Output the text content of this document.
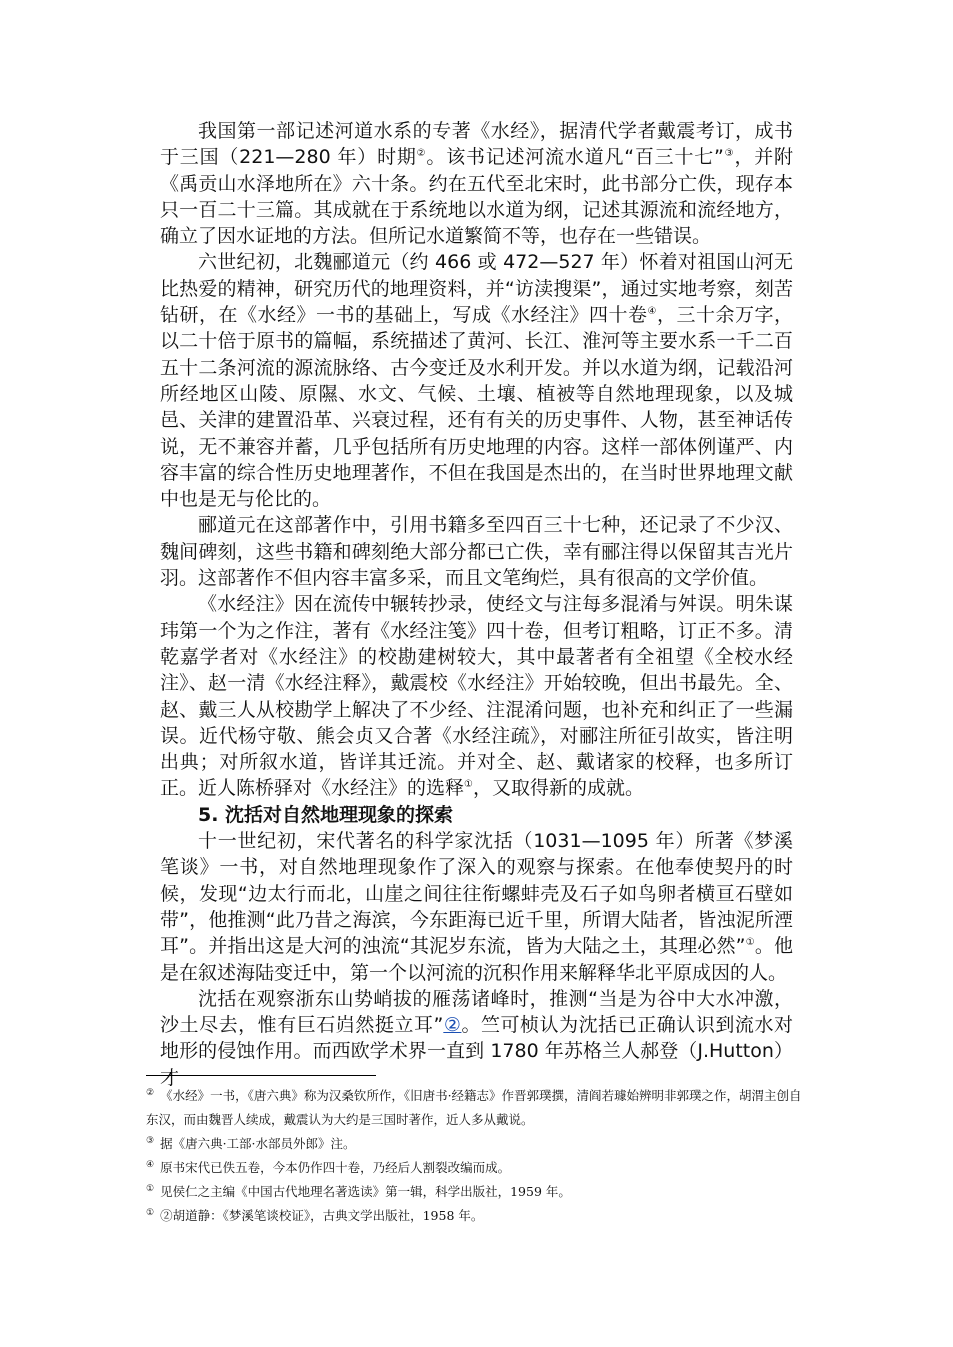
我国第一部记述河道水系的专著《水经》，据清代学者戴震考订，成书于三国（221—280 年）时期②。该书记述河流水道凡“百三十七”③，并附《禹贡山水泽地所在》六十条。约在五代至北宋时，此书部分亡佚，现存本只一百二十三篇。其成就在于系统地以水道为纲，记述其源流和流经地方，确立了因水证地的方法。但所记水道繁简不等，也存在一些错误。

六世纪初，北魏郦道元（约 466 或 472—527 年）怀着对祖国山河无比热爱的精神，研究历代的地理资料，并“访渎搜渠”，通过实地考察，刻苦钻研，在《水经》一书的基础上，写成《水经注》四十卷④，三十余万字，以二十倍于原书的篇幅，系统描述了黄河、长江、淮河等主要水系一千二百五十二条河流的源流脉络、古今变迁及水利开发。并以水道为纲，记载沿河所经地区山陵、原隰、水文、气候、土壤、植被等自然地理现象，以及城邑、关津的建置沿革、兴衰过程，还有有关的历史事件、人物，甚至神话传说，无不兼容并蓄，几乎包括所有历史地理的内容。这样一部体例谨严、内容丰富的综合性历史地理著作，不但在我国是杰出的，在当时世界地理文献中也是无与伦比的。

郦道元在这部著作中，引用书籍多至四百三十七种，还记录了不少汉、魏间碑刻，这些书籍和碑刻绝大部分都已亡佚，幸有郦注得以保留其吉光片羽。这部著作不但内容丰富多采，而且文笔绚烂，具有很高的文学价值。

《水经注》因在流传中辗转抄录，使经文与注每多混淆与舛误。明朱谋玮第一个为之作注，著有《水经注笺》四十卷，但考订粗略，订正不多。清乾嘉学者对《水经注》的校勘建树较大，其中最著者有全祖望《全校水经注》、赵一清《水经注释》，戴震校《水经注》开始较晚，但出书最先。全、赵、戴三人从校勘学上解决了不少经、注混淆问题，也补充和纠正了一些漏误。近代杨守敬、熊会贞又合著《水经注疏》，对郦注所征引故实，皆注明出典；对所叙水道，皆详其迁流。并对全、赵、戴诸家的校释，也多所订正。近人陈桥驿对《水经注》的选释①，又取得新的成就。

5. 沈括对自然地理现象的探索

十一世纪初，宋代著名的科学家沈括（1031—1095 年）所著《梦溪笔谈》一书，对自然地理现象作了深入的观察与探索。在他奉使契丹的时候，发现“边太行而北，山崖之间往往衔螺蚌壳及石子如鸟卵者横亘石壁如带”，他推测“此乃昔之海滨，今东距海已近千里，所谓大陆者，皆浊泥所湮耳”。并指出这是大河的浊流“其泥岁东流，皆为大陆之土，其理必然”①。他是在叙述海陆变迁中，第一个以河流的沉积作用来解释华北平原成因的人。

沈括在观察浙东山势峭拔的雁荡诸峰时，推测“当是为谷中大水冲激，沙土尽去，惟有巨石岿然挺立耳”②。竺可桢认为沈括已正确认识到流水对地形的侵蚀作用。而西欧学术界一直到 1780 年苏格兰人郝登（J.Hutton）才

② 《水经》一书，《唐六典》称为汉桑钦所作，《旧唐书·经籍志》作晋郭璞撰，清阎若璩始辨明非郭璞之作，胡渭主创自东汉，而由魏晋人续成，戴震认为大约是三国时著作，近人多从戴说。

③ 据《唐六典·工部·水部员外郎》注。

④ 原书宋代已佚五卷，今本仍作四十卷，乃经后人割裂改编而成。

① 见侯仁之主编《中国古代地理名著选读》第一辑，科学出版社，1959 年。

① ②胡道静：《梦溪笔谈校证》，古典文学出版社，1958 年。
